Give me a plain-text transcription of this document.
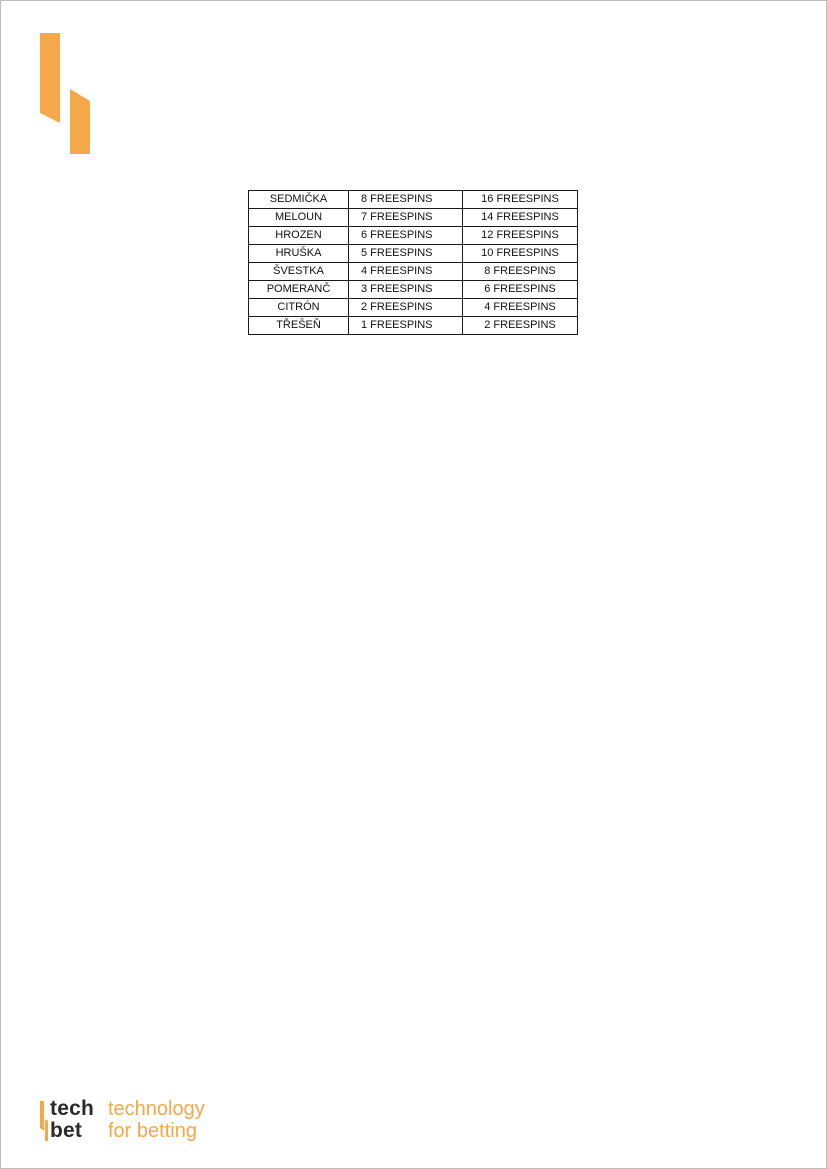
SEDMIČKA	8 FREESPINS	16 FREESPINS
MELOUN	7 FREESPINS	14 FREESPINS
HROZEN	6 FREESPINS	12 FREESPINS
HRUŠKA	5 FREESPINS	10 FREESPINS
ŠVESTKA	4 FREESPINS	8 FREESPINS
POMERANČ	3 FREESPINS	6 FREESPINS
CITRÓN	2 FREESPINS	4 FREESPINS
TŘEŠEŇ	1 FREESPINS	2 FREESPINS
tech
bet
technology
for betting
